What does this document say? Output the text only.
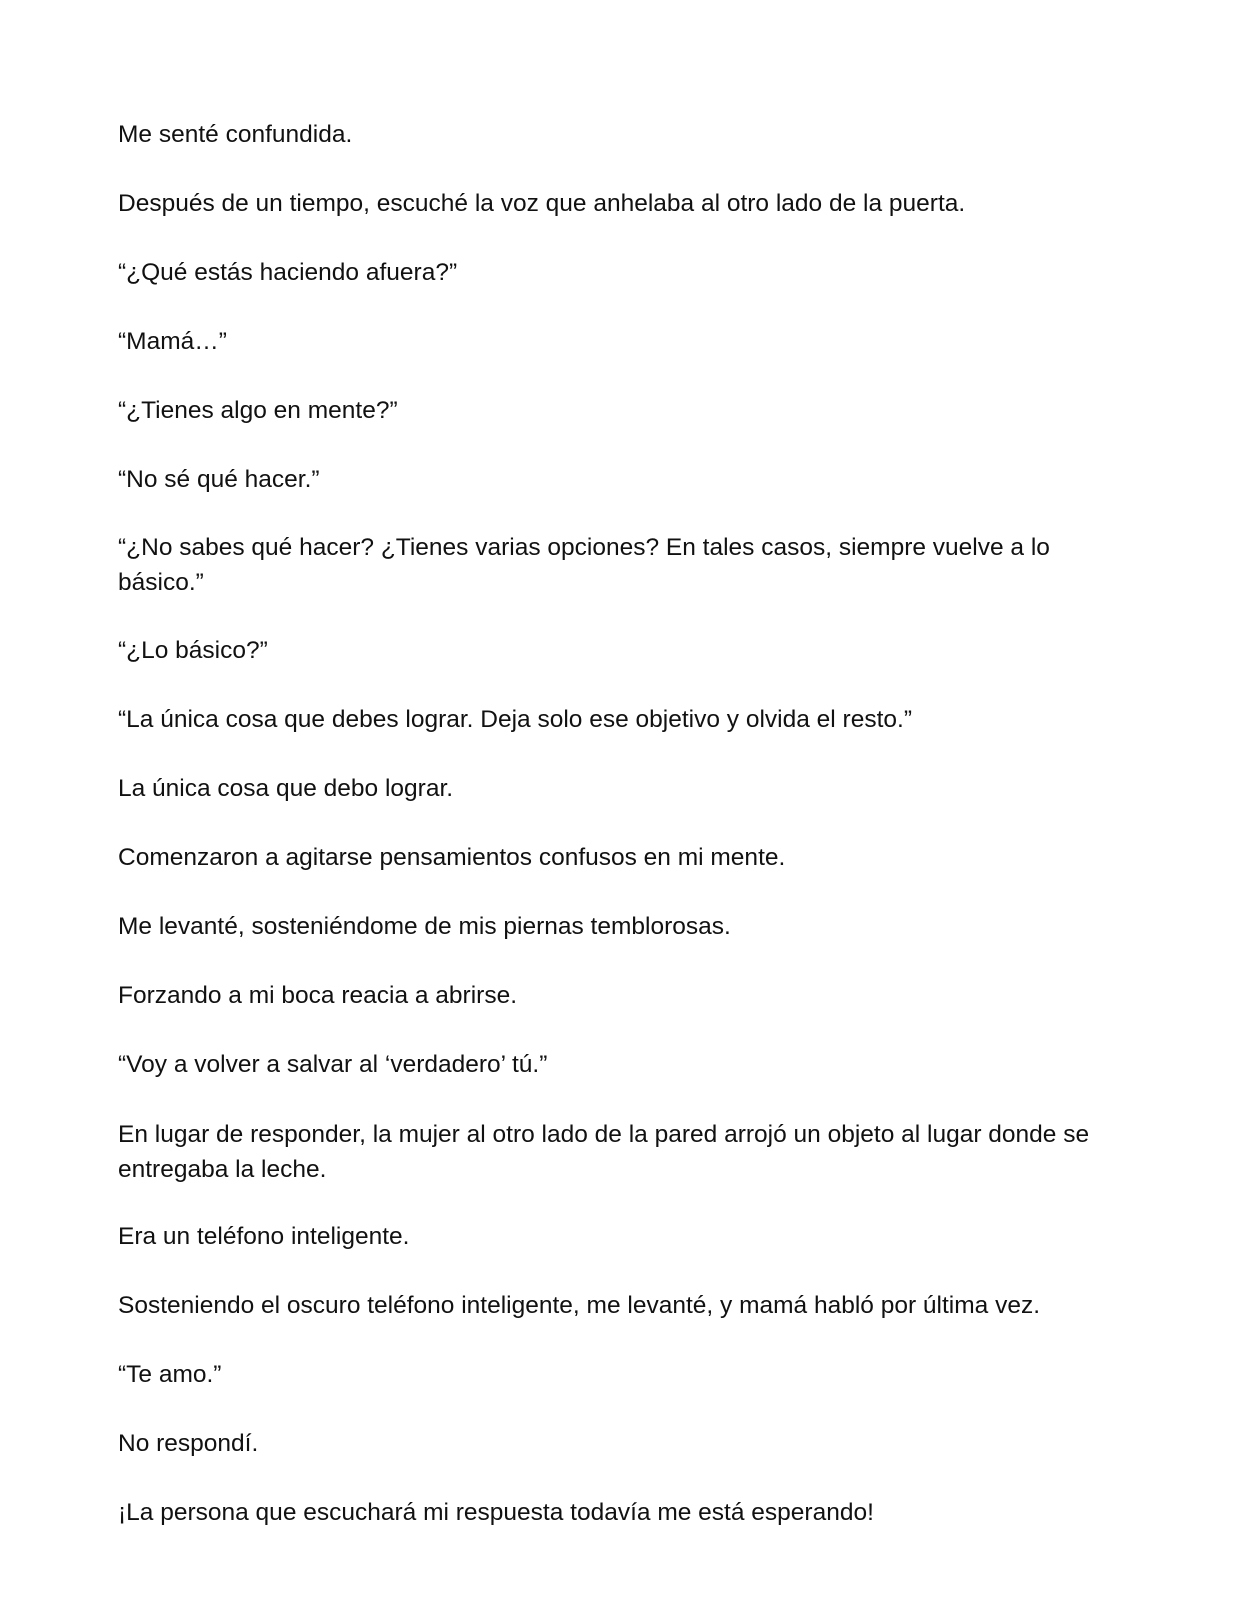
Me senté confundida.

Después de un tiempo, escuché la voz que anhelaba al otro lado de la puerta.

“¿Qué estás haciendo afuera?”

“Mamá…”

“¿Tienes algo en mente?”

“No sé qué hacer.”

“¿No sabes qué hacer? ¿Tienes varias opciones? En tales casos, siempre vuelve a lo básico.”

“¿Lo básico?”

“La única cosa que debes lograr. Deja solo ese objetivo y olvida el resto.”

La única cosa que debo lograr.

Comenzaron a agitarse pensamientos confusos en mi mente.

Me levanté, sosteniéndome de mis piernas temblorosas.

Forzando a mi boca reacia a abrirse.

“Voy a volver a salvar al ‘verdadero’ tú.”

En lugar de responder, la mujer al otro lado de la pared arrojó un objeto al lugar donde se entregaba la leche.

Era un teléfono inteligente.

Sosteniendo el oscuro teléfono inteligente, me levanté, y mamá habló por última vez.

“Te amo.”

No respondí.

¡La persona que escuchará mi respuesta todavía me está esperando!
